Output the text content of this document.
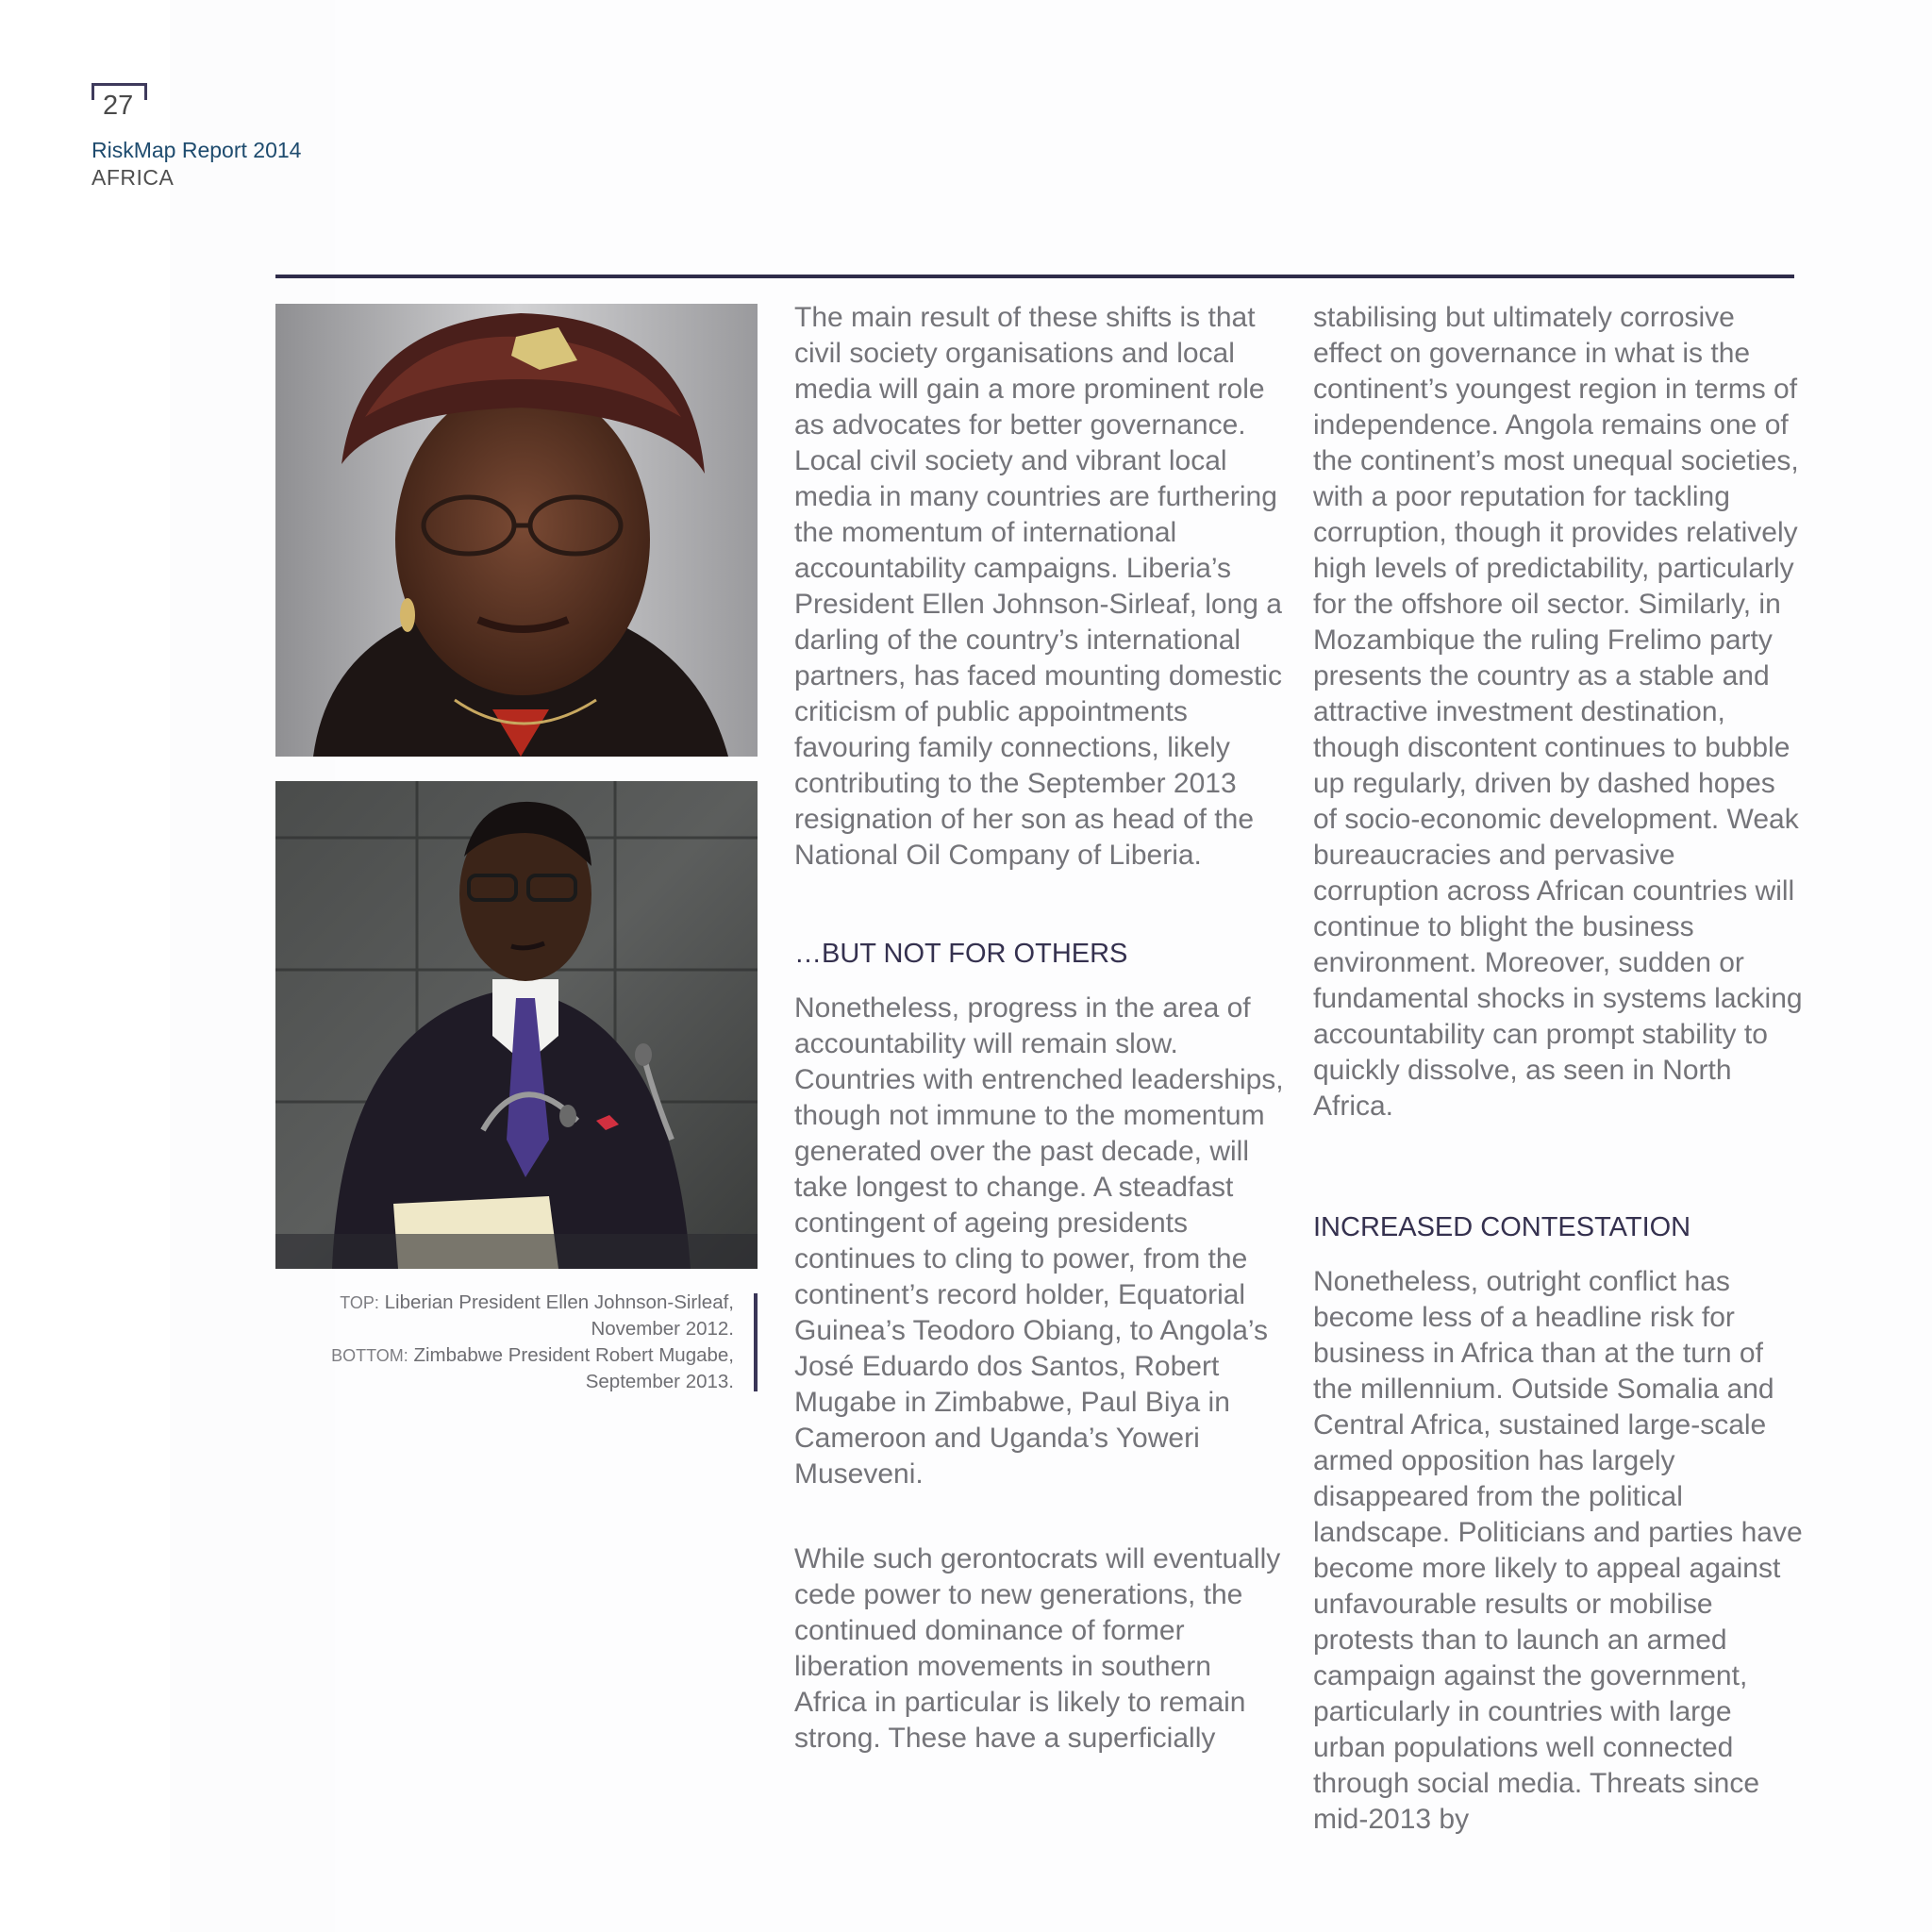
27
RiskMap Report 2014
AFRICA
TOP: Liberian President Ellen Johnson-Sirleaf, November 2012.
BOTTOM: Zimbabwe President Robert Mugabe, September 2013.

The main result of these shifts is that civil society organisations and local media will gain a more prominent role as advocates for better governance. Local civil society and vibrant local media in many countries are furthering the momentum of international accountability campaigns. Liberia’s President Ellen Johnson-Sirleaf, long a darling of the country’s international partners, has faced mounting domestic criticism of public appointments favouring family connections, likely contributing to the September 2013 resignation of her son as head of the National Oil Company of Liberia.

…BUT NOT FOR OTHERS

Nonetheless, progress in the area of accountability will remain slow. Countries with entrenched leaderships, though not immune to the momentum generated over the past decade, will take longest to change. A steadfast contingent of ageing presidents continues to cling to power, from the continent’s record holder, Equatorial Guinea’s Teodoro Obiang, to Angola’s José Eduardo dos Santos, Robert Mugabe in Zimbabwe, Paul Biya in Cameroon and Uganda’s Yoweri Museveni.

While such gerontocrats will eventually cede power to new generations, the continued dominance of former liberation movements in southern Africa in particular is likely to remain strong. These have a superficially

stabilising but ultimately corrosive effect on governance in what is the continent’s youngest region in terms of independence. Angola remains one of the continent’s most unequal societies, with a poor reputation for tackling corruption, though it provides relatively high levels of predictability, particularly for the offshore oil sector. Similarly, in Mozambique the ruling Frelimo party presents the country as a stable and attractive investment destination, though discontent continues to bubble up regularly, driven by dashed hopes of socio-economic development. Weak bureaucracies and pervasive corruption across African countries will continue to blight the business environment. Moreover, sudden or fundamental shocks in systems lacking accountability can prompt stability to quickly dissolve, as seen in North Africa.

INCREASED CONTESTATION

Nonetheless, outright conflict has become less of a headline risk for business in Africa than at the turn of the millennium. Outside Somalia and Central Africa, sustained large-scale armed opposition has largely disappeared from the political landscape. Politicians and parties have become more likely to appeal against unfavourable results or mobilise protests than to launch an armed campaign against the government, particularly in countries with large urban populations well connected through social media. Threats since mid-2013 by
